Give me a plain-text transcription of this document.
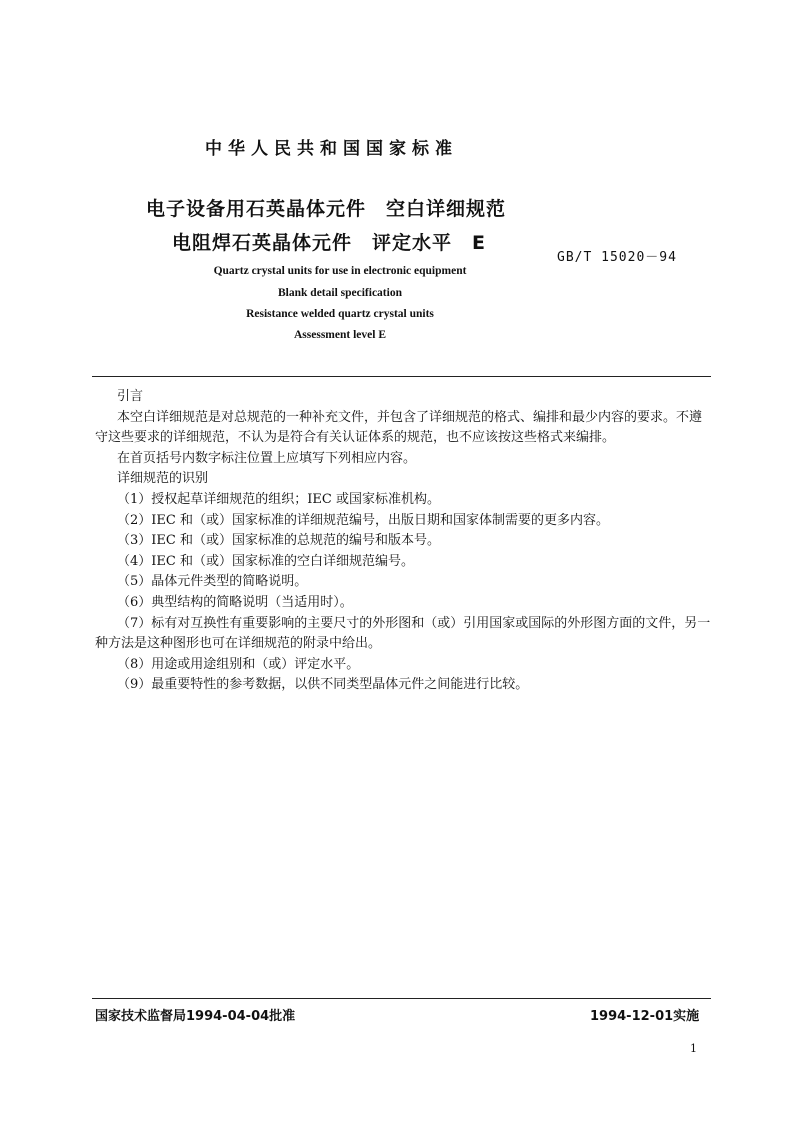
中华人民共和国国家标准
电子设备用石英晶体元件　空白详细规范
电阻焊石英晶体元件　评定水平　E
GB/T 15020－94
Quartz crystal units for use in electronic equipment
Blank detail specification
Resistance welded quartz crystal units
Assessment level E

引言

本空白详细规范是对总规范的一种补充文件，并包含了详细规范的格式、编排和最少内容的要求。不遵守这些要求的详细规范，不认为是符合有关认证体系的规范，也不应该按这些格式来编排。

在首页括号内数字标注位置上应填写下列相应内容。

详细规范的识别

（1）授权起草详细规范的组织；IEC 或国家标准机构。

（2）IEC 和（或）国家标准的详细规范编号，出版日期和国家体制需要的更多内容。

（3）IEC 和（或）国家标准的总规范的编号和版本号。

（4）IEC 和（或）国家标准的空白详细规范编号。

（5）晶体元件类型的简略说明。

（6）典型结构的简略说明（当适用时）。

（7）标有对互换性有重要影响的主要尺寸的外形图和（或）引用国家或国际的外形图方面的文件，另一种方法是这种图形也可在详细规范的附录中给出。

（8）用途或用途组别和（或）评定水平。

（9）最重要特性的参考数据，以供不同类型晶体元件之间能进行比较。

国家技术监督局1994-04-04批准	1994-12-01实施
1
